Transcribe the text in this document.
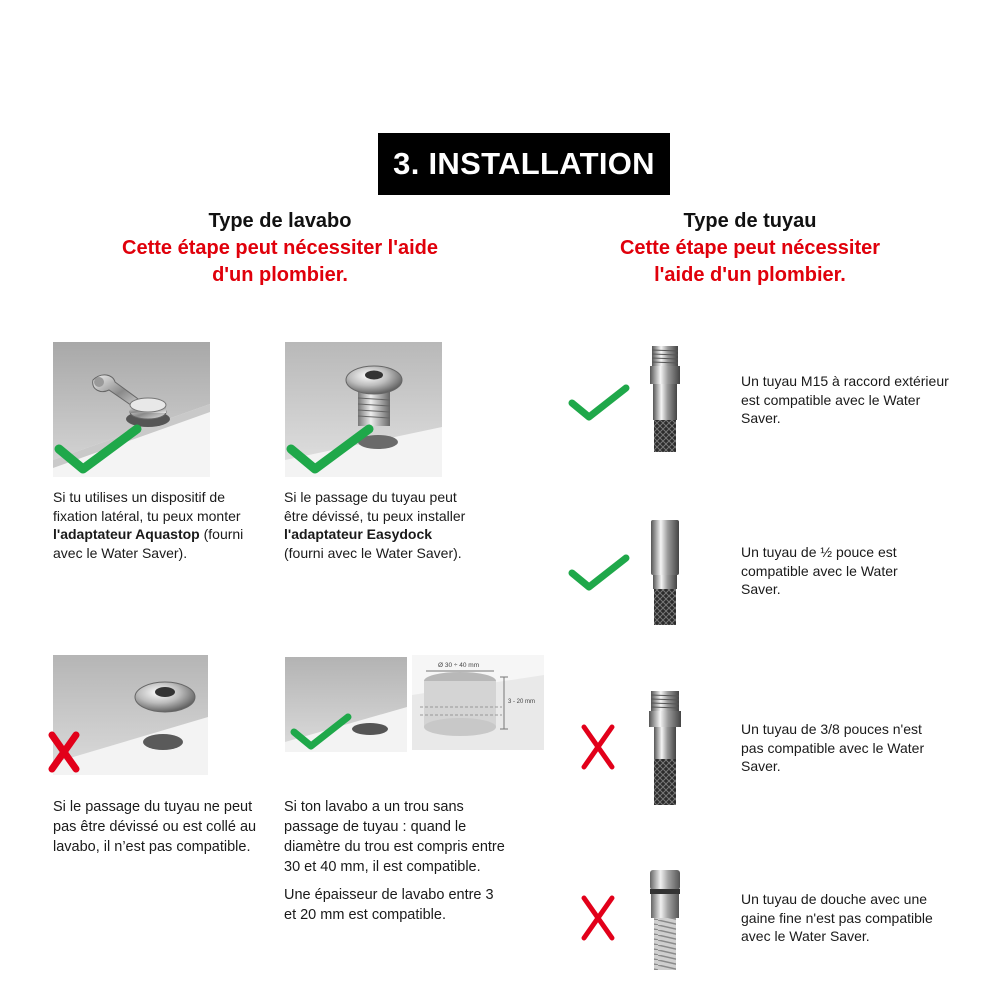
3. INSTALLATION
Type de lavabo
Cette étape peut nécessiter l'aide
d'un plombier.
Type de tuyau
Cette étape peut nécessiter
l'aide d'un plombier.
Si tu utilises un dispositif de fixation latéral, tu peux monter l'adaptateur Aquastop (fourni avec le Water Saver).
Si le passage du tuyau peut être dévissé, tu peux installer l'adaptateur Easydock (fourni avec le Water Saver).
Ø 30 ÷ 40 mm
3 - 20 mm
Si le passage du tuyau ne peut pas être dévissé ou est collé au lavabo, il n’est pas compatible.

Si ton lavabo a un trou sans passage de tuyau : quand le diamètre du trou est compris entre 30 et 40 mm, il est compatible.

Une épaisseur de lavabo entre 3 et 20 mm est compatible.

Un tuyau M15 à raccord extérieur est compatible avec le Water Saver.
Un tuyau de ½ pouce est compatible avec le Water Saver.
Un tuyau de 3/8 pouces n'est pas compatible avec le Water Saver.
Un tuyau de douche avec une gaine fine n'est pas compatible avec le Water Saver.
